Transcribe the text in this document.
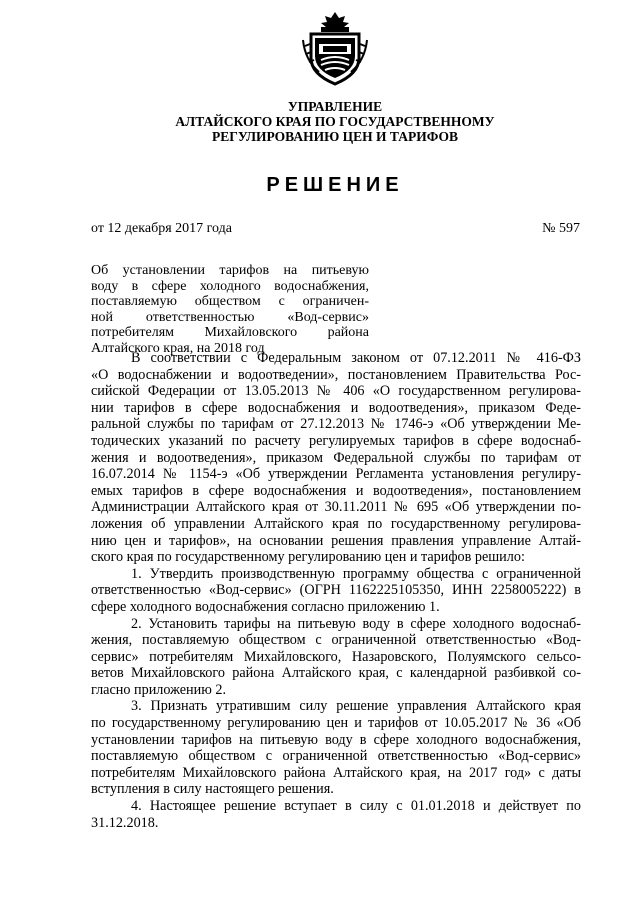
УПРАВЛЕНИЕ
АЛТАЙСКОГО КРАЯ ПО ГОСУДАРСТВЕННОМУ
РЕГУЛИРОВАНИЮ ЦЕН И ТАРИФОВ
РЕШЕНИЕ
от 12 декабря 2017 года	№ 597
Об установлении тарифов на питьевую
воду в сфере холодного водоснабжения,
поставляемую обществом с ограничен-
ной ответственностью «Вод-сервис»
потребителям Михайловского района
Алтайского края, на 2018 год
В соответствии с Федеральным законом от 07.12.2011 № 416-ФЗ
«О водоснабжении и водоотведении», постановлением Правительства Рос-
сийской Федерации от 13.05.2013 № 406 «О государственном регулирова-
нии тарифов в сфере водоснабжения и водоотведения», приказом Феде-
ральной службы по тарифам от 27.12.2013 № 1746-э «Об утверждении Ме-
тодических указаний по расчету регулируемых тарифов в сфере водоснаб-
жения и водоотведения», приказом Федеральной службы по тарифам от
16.07.2014 № 1154-э «Об утверждении Регламента установления регулиру-
емых тарифов в сфере водоснабжения и водоотведения», постановлением
Администрации Алтайского края от 30.11.2011 № 695 «Об утверждении по-
ложения об управлении Алтайского края по государственному регулирова-
нию цен и тарифов», на основании решения правления управление Алтай-
ского края по государственному регулированию цен и тарифов решило:
1. Утвердить производственную программу общества с ограниченной
ответственностью «Вод-сервис» (ОГРН 1162225105350, ИНН 2258005222) в
сфере холодного водоснабжения согласно приложению 1.
2. Установить тарифы на питьевую воду в сфере холодного водоснаб-
жения, поставляемую обществом с ограниченной ответственностью «Вод-
сервис» потребителям Михайловского, Назаровского, Полуямского сельсо-
ветов Михайловского района Алтайского края, с календарной разбивкой со-
гласно приложению 2.
3. Признать утратившим силу решение управления Алтайского края
по государственному регулированию цен и тарифов от 10.05.2017 № 36 «Об
установлении тарифов на питьевую воду в сфере холодного водоснабжения,
поставляемую обществом с ограниченной ответственностью «Вод-сервис»
потребителям Михайловского района Алтайского края, на 2017 год» с даты
вступления в силу настоящего решения.
4. Настоящее решение вступает в силу с 01.01.2018 и действует по
31.12.2018.
